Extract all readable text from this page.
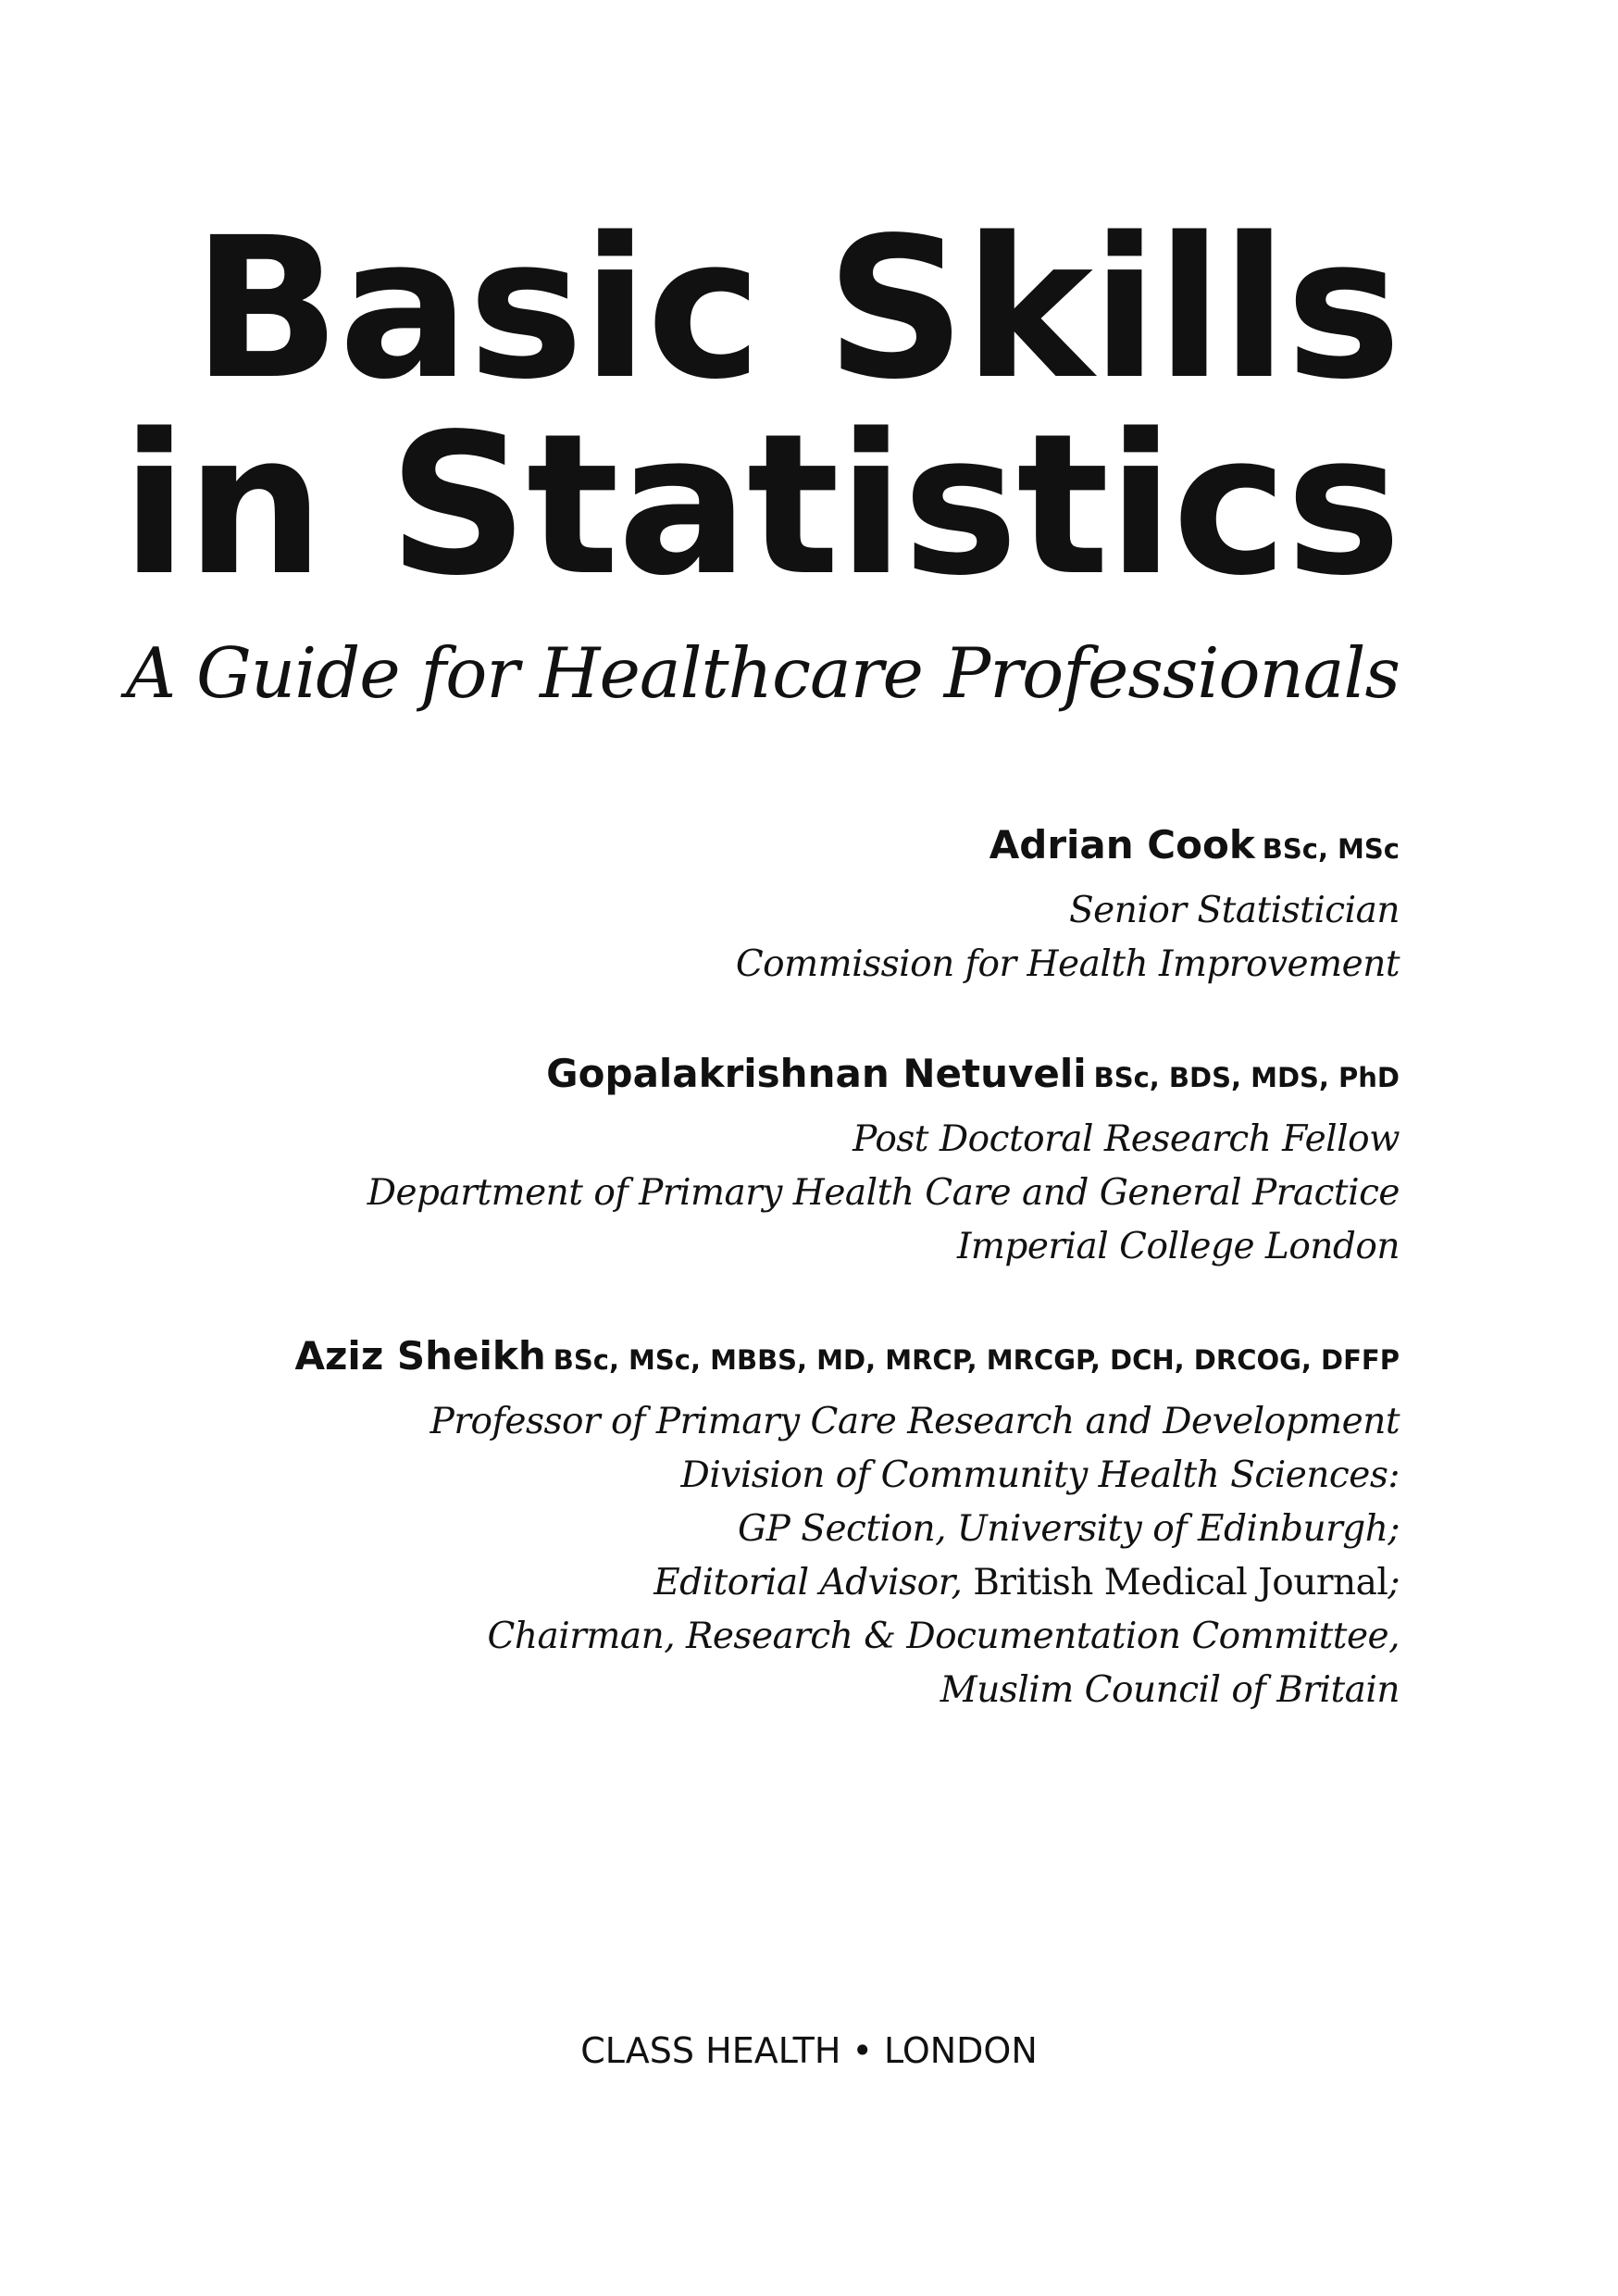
Basic Skills
in Statistics
A Guide for Healthcare Professionals
Adrian Cook BSc, MSc
Senior Statistician
Commission for Health Improvement
Gopalakrishnan Netuveli BSc, BDS, MDS, PhD
Post Doctoral Research Fellow
Department of Primary Health Care and General Practice
Imperial College London
Aziz Sheikh BSc, MSc, MBBS, MD, MRCP, MRCGP, DCH, DRCOG, DFFP
Professor of Primary Care Research and Development
Division of Community Health Sciences:
GP Section, University of Edinburgh;
Editorial Advisor, British Medical Journal;
Chairman, Research & Documentation Committee,
Muslim Council of Britain
CLASS HEALTH • LONDON
